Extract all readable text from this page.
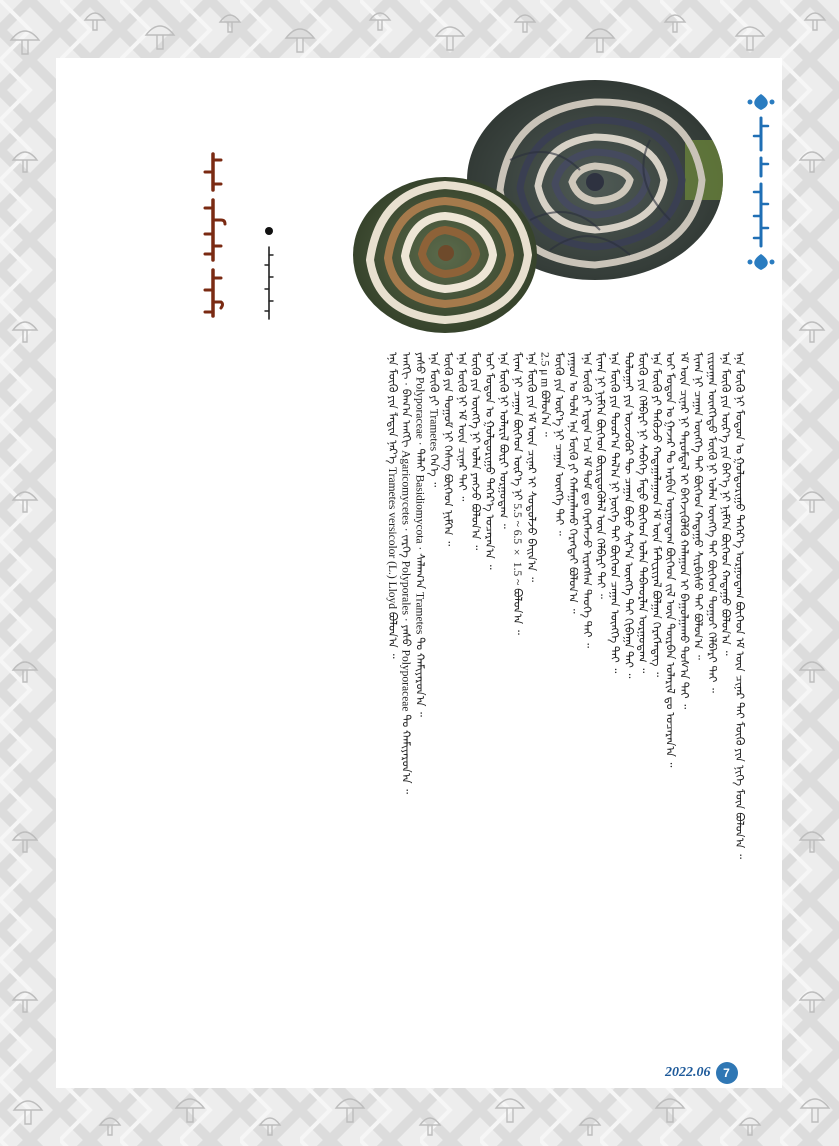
ᠮᠥᠭᠦ ᠶᠢᠨ ᠰᠤᠷᠭᠠᠯ
ᠵᠢᠷᠤᠭᠠᠨ ᠥᠩᠭᠡᠲᠦ ᠮᠥᠭᠦ
ᠪᠠᠶᠠᠷ
Trametes versicolor
ᠡᠨᠡ ᠮᠥᠭᠦ ᠨᠢ ᠮᠣᠳᠣᠨ ᠤ ᠭᠤᠯᠳᠤᠷᠢᠭᠤ ᠳᠡᠭᠡᠷ᠎ᠡ ᠤᠷᠭᠤᠳᠠᠭ ᠪᠥᠭᠡᠳ ᠡᠮ ᠦᠨ ᠴᠢᠨᠠᠷ ᠲᠠᠢ ᠮᠥᠭᠦ ᠶᠢᠨ ᠨᠢᠭᠡ ᠮᠥᠨ ᠪᠣᠯᠤᠨ᠎ᠠ ᠃
ᠡᠨᠡ ᠮᠥᠭᠦ ᠶᠢᠨ ᠦᠷ᠎ᠡ ᠶᠢᠨ ᠪᠡᠶ᠎ᠡ ᠨᠢ ᠨᠢᠮᠭᠡᠨ ᠪᠥᠭᠡᠳ ᠬᠠᠲᠠᠭᠤ ᠪᠣᠯᠤᠨ᠎ᠠ ᠃
ᠵᠢᠷᠤᠭᠠᠨ ᠥᠩᠭᠡᠲᠦ ᠮᠥᠭᠦ ᠨᠢ ᠣᠯᠠᠨ ᠥᠩᠭᠡ ᠲᠠᠢ ᠪᠥᠭᠡᠳ ᠳᠤᠭᠤᠢ ᠬᠡᠯᠪᠡᠷᠢ ᠲᠠᠢ ᠃
ᠮᠢᠬᠠ ᠨᠢ ᠴᠠᠭᠠᠨ ᠥᠩᠭᠡ ᠲᠠᠢ ᠪᠥᠭᠡᠳ ᠬᠠᠲᠠᠭᠤ ᠰᠢᠷᠪᠢᠰᠦ ᠲᠠᠢ ᠪᠣᠯᠤᠨ᠎ᠠ ᠃
ᠡᠮ ᠦᠨ ᠴᠢᠨᠠᠷ ᠨᠢ ᠳᠠᠷᠤᠮᠳᠠᠯ ᠢ ᠪᠡᠬᠡᠵᠢᠭᠦᠯᠬᠦ ᠬᠠᠯᠠᠭᠤᠨ ᠢ ᠪᠠᠭᠤᠯᠭᠠᠬᠤ ᠲᠤᠰ᠎ᠠ ᠲᠠᠢ ᠃
ᠣᠢ ᠮᠣᠳᠣᠨ ᠤ ᠭᠠᠵᠠᠷ ᠲᠤ ᠠᠷᠪᠢᠨ ᠤᠷᠭᠤᠳᠠᠭ ᠪᠥᠭᠡᠳ ᠵᠢᠯ ᠦᠨ ᠳᠦᠷᠪᠡᠨ ᠤᠯᠠᠷᠢᠯ ᠳᠤ ᠤᠴᠠᠷᠠᠨ᠎ᠠ ᠃
ᠡᠨᠡ ᠮᠥᠭᠦ ᠶᠢ ᠲᠡᠭᠦᠵᠦ ᠬᠠᠳᠠᠭᠠᠯᠠᠭᠠᠳ ᠡᠮ ᠦᠨ ᠮᠠᠲ᠋ᠧᠷᠢᠶᠠᠯ ᠪᠣᠯᠭᠠᠨ ᠬᠡᠷᠡᠭᠯᠡᠳᠡᠭ ᠃
ᠮᠥᠭᠦ ᠶᠢᠨ ᠬᠡᠯᠪᠡᠷᠢ ᠨᠢ ᠰᠡᠪᠡᠭᠡ ᠮᠡᠲᠦ ᠪᠥᠭᠡᠳ ᠣᠯᠠᠨ ᠳᠠᠪᠬᠤᠷᠯᠠᠨ ᠤᠷᠭᠤᠳᠠᠭ ᠃
ᠲᠣᠯᠣᠭᠠᠢ ᠶᠢᠨ ᠦᠵᠦᠭᠦᠷ ᠲᠦ ᠴᠠᠭᠠᠨ ᠪᠤᠶᠤ ᠰᠢᠷ᠎ᠠ ᠥᠩᠭᠡ ᠲᠠᠢ ᠬᠢᠪᠠᠭᠠ ᠲᠠᠢ ᠃
ᠡᠨᠡ ᠮᠥᠭᠦ ᠶᠢᠨ ᠳᠣᠣᠷ᠎ᠠ ᠲᠠᠯ᠎ᠠ ᠨᠢ ᠨᠦᠬᠡ ᠲᠠᠢ ᠪᠥᠭᠡᠳ ᠴᠠᠭᠠᠨ ᠥᠩᠭᠡ ᠲᠠᠢ ᠃
ᠮᠢᠬᠠ ᠨᠢ ᠨᠢᠮᠭᠡᠨ ᠪᠥᠭᠡᠳ ᠪᠦᠷᠢᠳᠦᠭᠦᠯᠡᠯ ᠦᠨ ᠬᠡᠯᠪᠡᠷᠢ ᠲᠠᠢ ᠃
ᠡᠨᠡ ᠮᠥᠭᠦ ᠶᠢ ᠡᠷᠲᠡᠨ ᠡᠴᠡ ᠡᠮ ᠳᠣᠮ ᠳᠤ ᠬᠡᠷᠡᠭᠯᠡᠵᠦ ᠢᠷᠡᠭᠰᠡᠨ ᠲᠡᠦᠬᠡ ᠲᠠᠢ ᠃
ᠶᠠᠭᠤᠨ ᠤ ᠲᠤᠯᠠ ᠡᠨᠡ ᠮᠥᠭᠦ ᠶᠢ ᠬᠠᠮᠠᠭᠠᠯᠠᠬᠤ ᠬᠡᠷᠡᠭᠲᠡᠢ ᠪᠣᠯᠤᠨ᠎ᠠ ᠃
ᠮᠥᠭᠦ ᠶᠢᠨ ᠦᠷ᠎ᠡ ᠨᠢ ᠴᠠᠭᠠᠨ ᠥᠩᠭᠡ ᠲᠠᠢ ᠃
2.5 μ m ᠪᠣᠯᠤᠨ᠎ᠠ ᠃
ᠡᠨᠡ ᠮᠥᠭᠦ ᠶᠢᠨ ᠡᠮ ᠦᠨ ᠴᠢᠨᠠᠷ ᠢ ᠰᠣᠳᠤᠯᠵᠤ ᠪᠠᠢᠨ᠎ᠠ ᠃
ᠮᠢᠬᠠ ᠨᠢ ᠴᠠᠭᠠᠨ ᠪᠥᠭᠡᠳ ᠦᠷ᠎ᠡ ᠨᠢ 5.5 ~ 6.5 × 1.5 ~ ᠪᠣᠯᠤᠨ᠎ᠠ ᠃
ᠡᠨᠡ ᠮᠥᠭᠦ ᠨᠢ ᠤᠯᠠᠷᠢᠯ ᠪᠦᠷᠢ ᠤᠷᠭᠤᠳᠠᠭ ᠃
ᠣᠢ ᠮᠣᠳᠣᠨ ᠤ ᠭᠤᠯᠳᠤᠷᠢᠭᠤ ᠳᠡᠭᠡᠷ᠎ᠡ ᠤᠴᠠᠷᠠᠨ᠎ᠠ ᠃
ᠮᠥᠭᠦ ᠶᠢᠨ ᠥᠩᠭᠡ ᠨᠢ ᠣᠯᠠᠨ ᠶᠠᠩᠵᠤ ᠪᠣᠯᠤᠨ᠎ᠠ ᠃
ᠡᠨᠡ ᠮᠥᠭᠦ ᠨᠢ ᠡᠮ ᠦᠨ ᠴᠢᠨᠠᠷ ᠲᠠᠢ ᠃
ᠮᠥᠭᠦ ᠶᠢᠨ ᠲᠤᠭᠤᠮ ᠨᠢ ᠬᠡᠰᠡᠭ ᠪᠥᠭᠡᠳ ᠨᠢᠮᠭᠡᠨ ᠃
ᠡᠨᠡ ᠮᠥᠭᠦ ᠶᠢ Trametes ᠭᠡᠨ᠎ᠡ ᠃
ᠶᠠᠰᠤ Polyporaceae · ᠳᠠᠯᠠᠢ Basidiomycota · ᠰᠠᠯᠠᠭ᠎ᠠ Trametes ᠲᠤ ᠬᠠᠮᠢᠶᠠᠷᠤᠨ᠎ᠠ ᠃
ᠠᠩᠭᠢ · ᠪᠠᠭ᠎ᠠ ᠠᠩᠭᠢ Agaricomycetes · ᠵᠡᠷᠭᠡ Polyporales · ᠶᠠᠰᠤ Polyporaceae ᠲᠤ ᠬᠠᠮᠢᠶᠠᠷᠤᠨ᠎ᠠ ᠃
ᠡᠨᠡ ᠮᠥᠭᠦ ᠶᠢᠨ ᠯᠠᠲᠢᠨ ᠨᠡᠷ᠎ᠡ Trametes versicolor (L.) Lloyd ᠪᠣᠯᠤᠨ᠎ᠠ ᠃
2022.06	7
